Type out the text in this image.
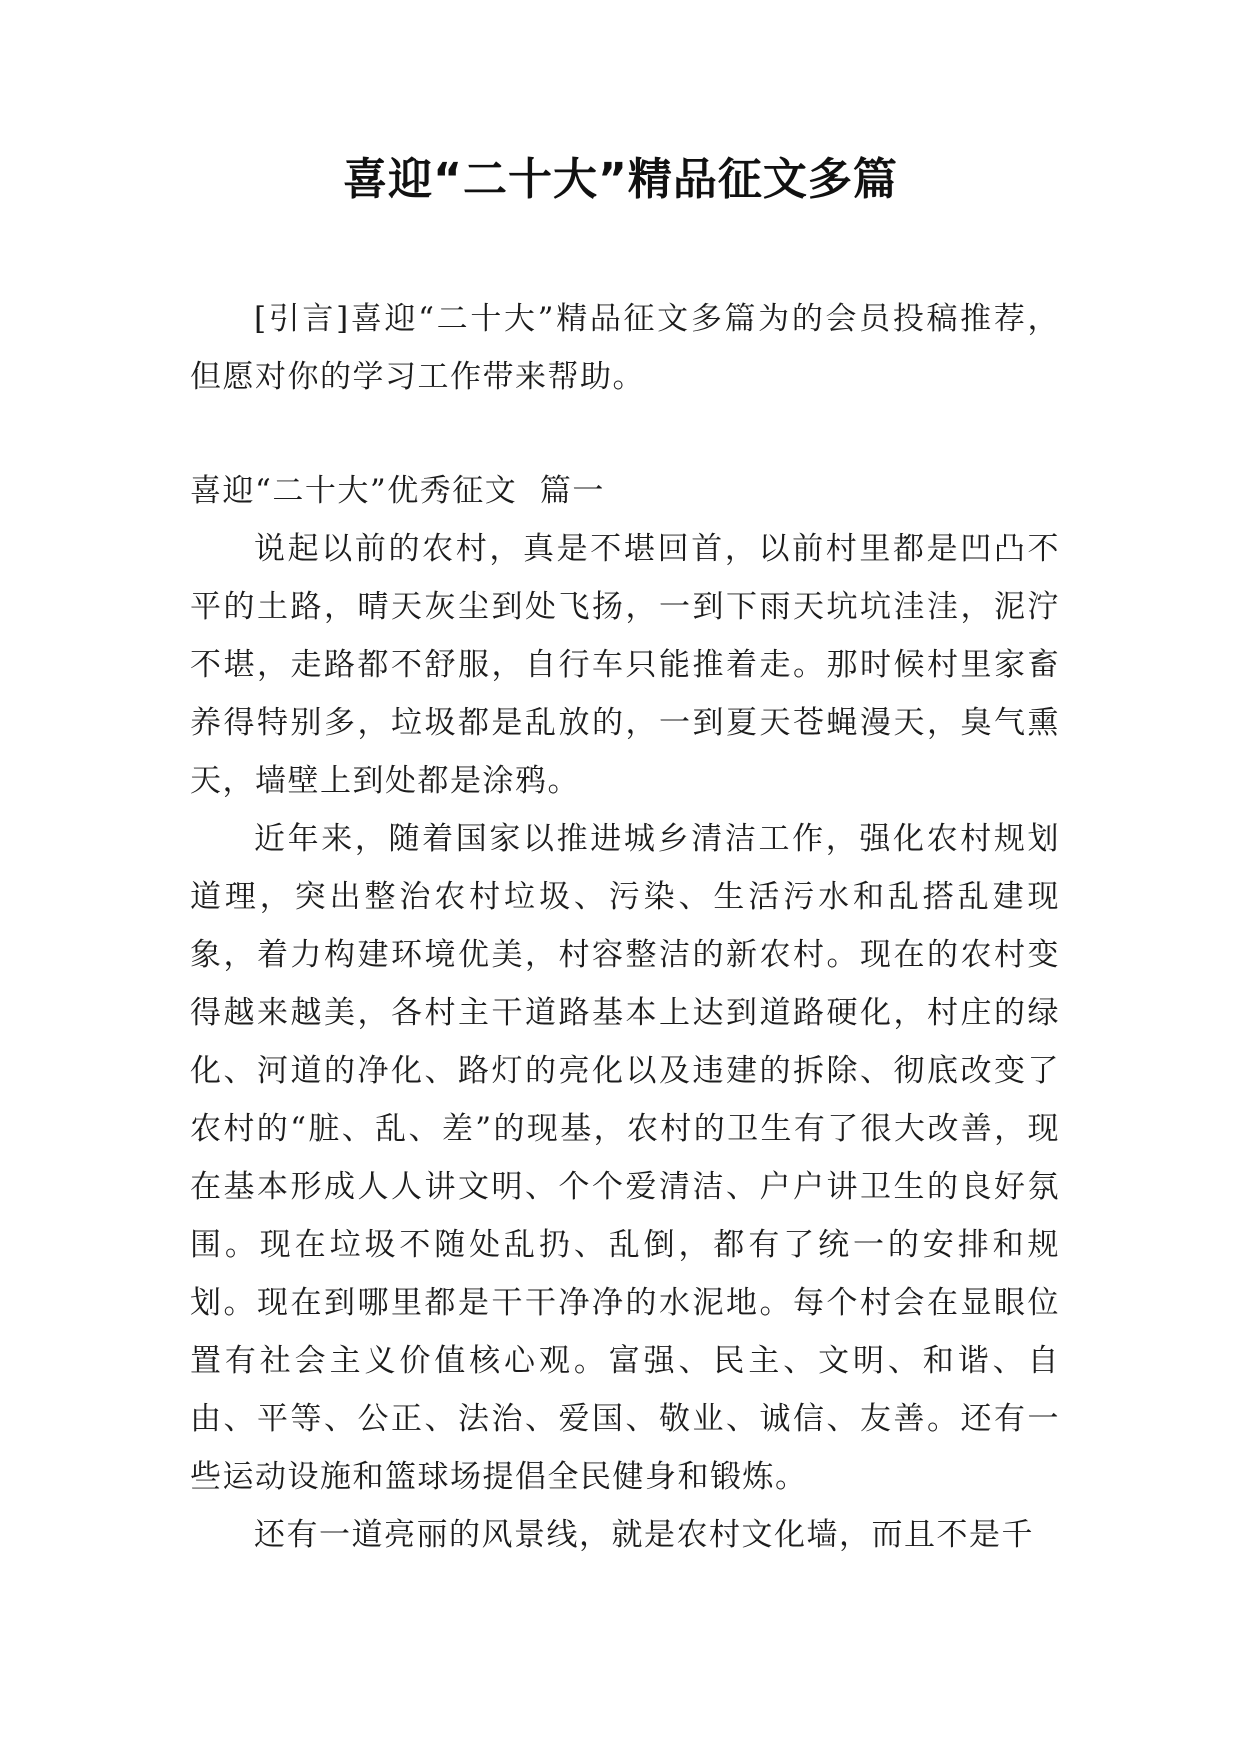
喜迎“二十大”精品征文多篇
[引言]喜迎“二十大”精品征文多篇为的会员投稿推荐，但愿对你的学习工作带来帮助。
喜迎“二十大”优秀征文  篇一

说起以前的农村，真是不堪回首，以前村里都是凹凸不平的土路，晴天灰尘到处飞扬，一到下雨天坑坑洼洼，泥泞不堪，走路都不舒服，自行车只能推着走。那时候村里家畜养得特别多，垃圾都是乱放的，一到夏天苍蝇漫天，臭气熏天，墙壁上到处都是涂鸦。

近年来，随着国家以推进城乡清洁工作，强化农村规划道理，突出整治农村垃圾、污染、生活污水和乱搭乱建现象，着力构建环境优美，村容整洁的新农村。现在的农村变得越来越美，各村主干道路基本上达到道路硬化，村庄的绿化、河道的净化、路灯的亮化以及违建的拆除、彻底改变了农村的“脏、乱、差”的现基，农村的卫生有了很大改善，现在基本形成人人讲文明、个个爱清洁、户户讲卫生的良好氛围。现在垃圾不随处乱扔、乱倒，都有了统一的安排和规划。现在到哪里都是干干净净的水泥地。每个村会在显眼位置有社会主义价值核心观。富强、民主、文明、和谐、自由、平等、公正、法治、爱国、敬业、诚信、友善。还有一些运动设施和篮球场提倡全民健身和锻炼。

还有一道亮丽的风景线，就是农村文化墙，而且不是千
